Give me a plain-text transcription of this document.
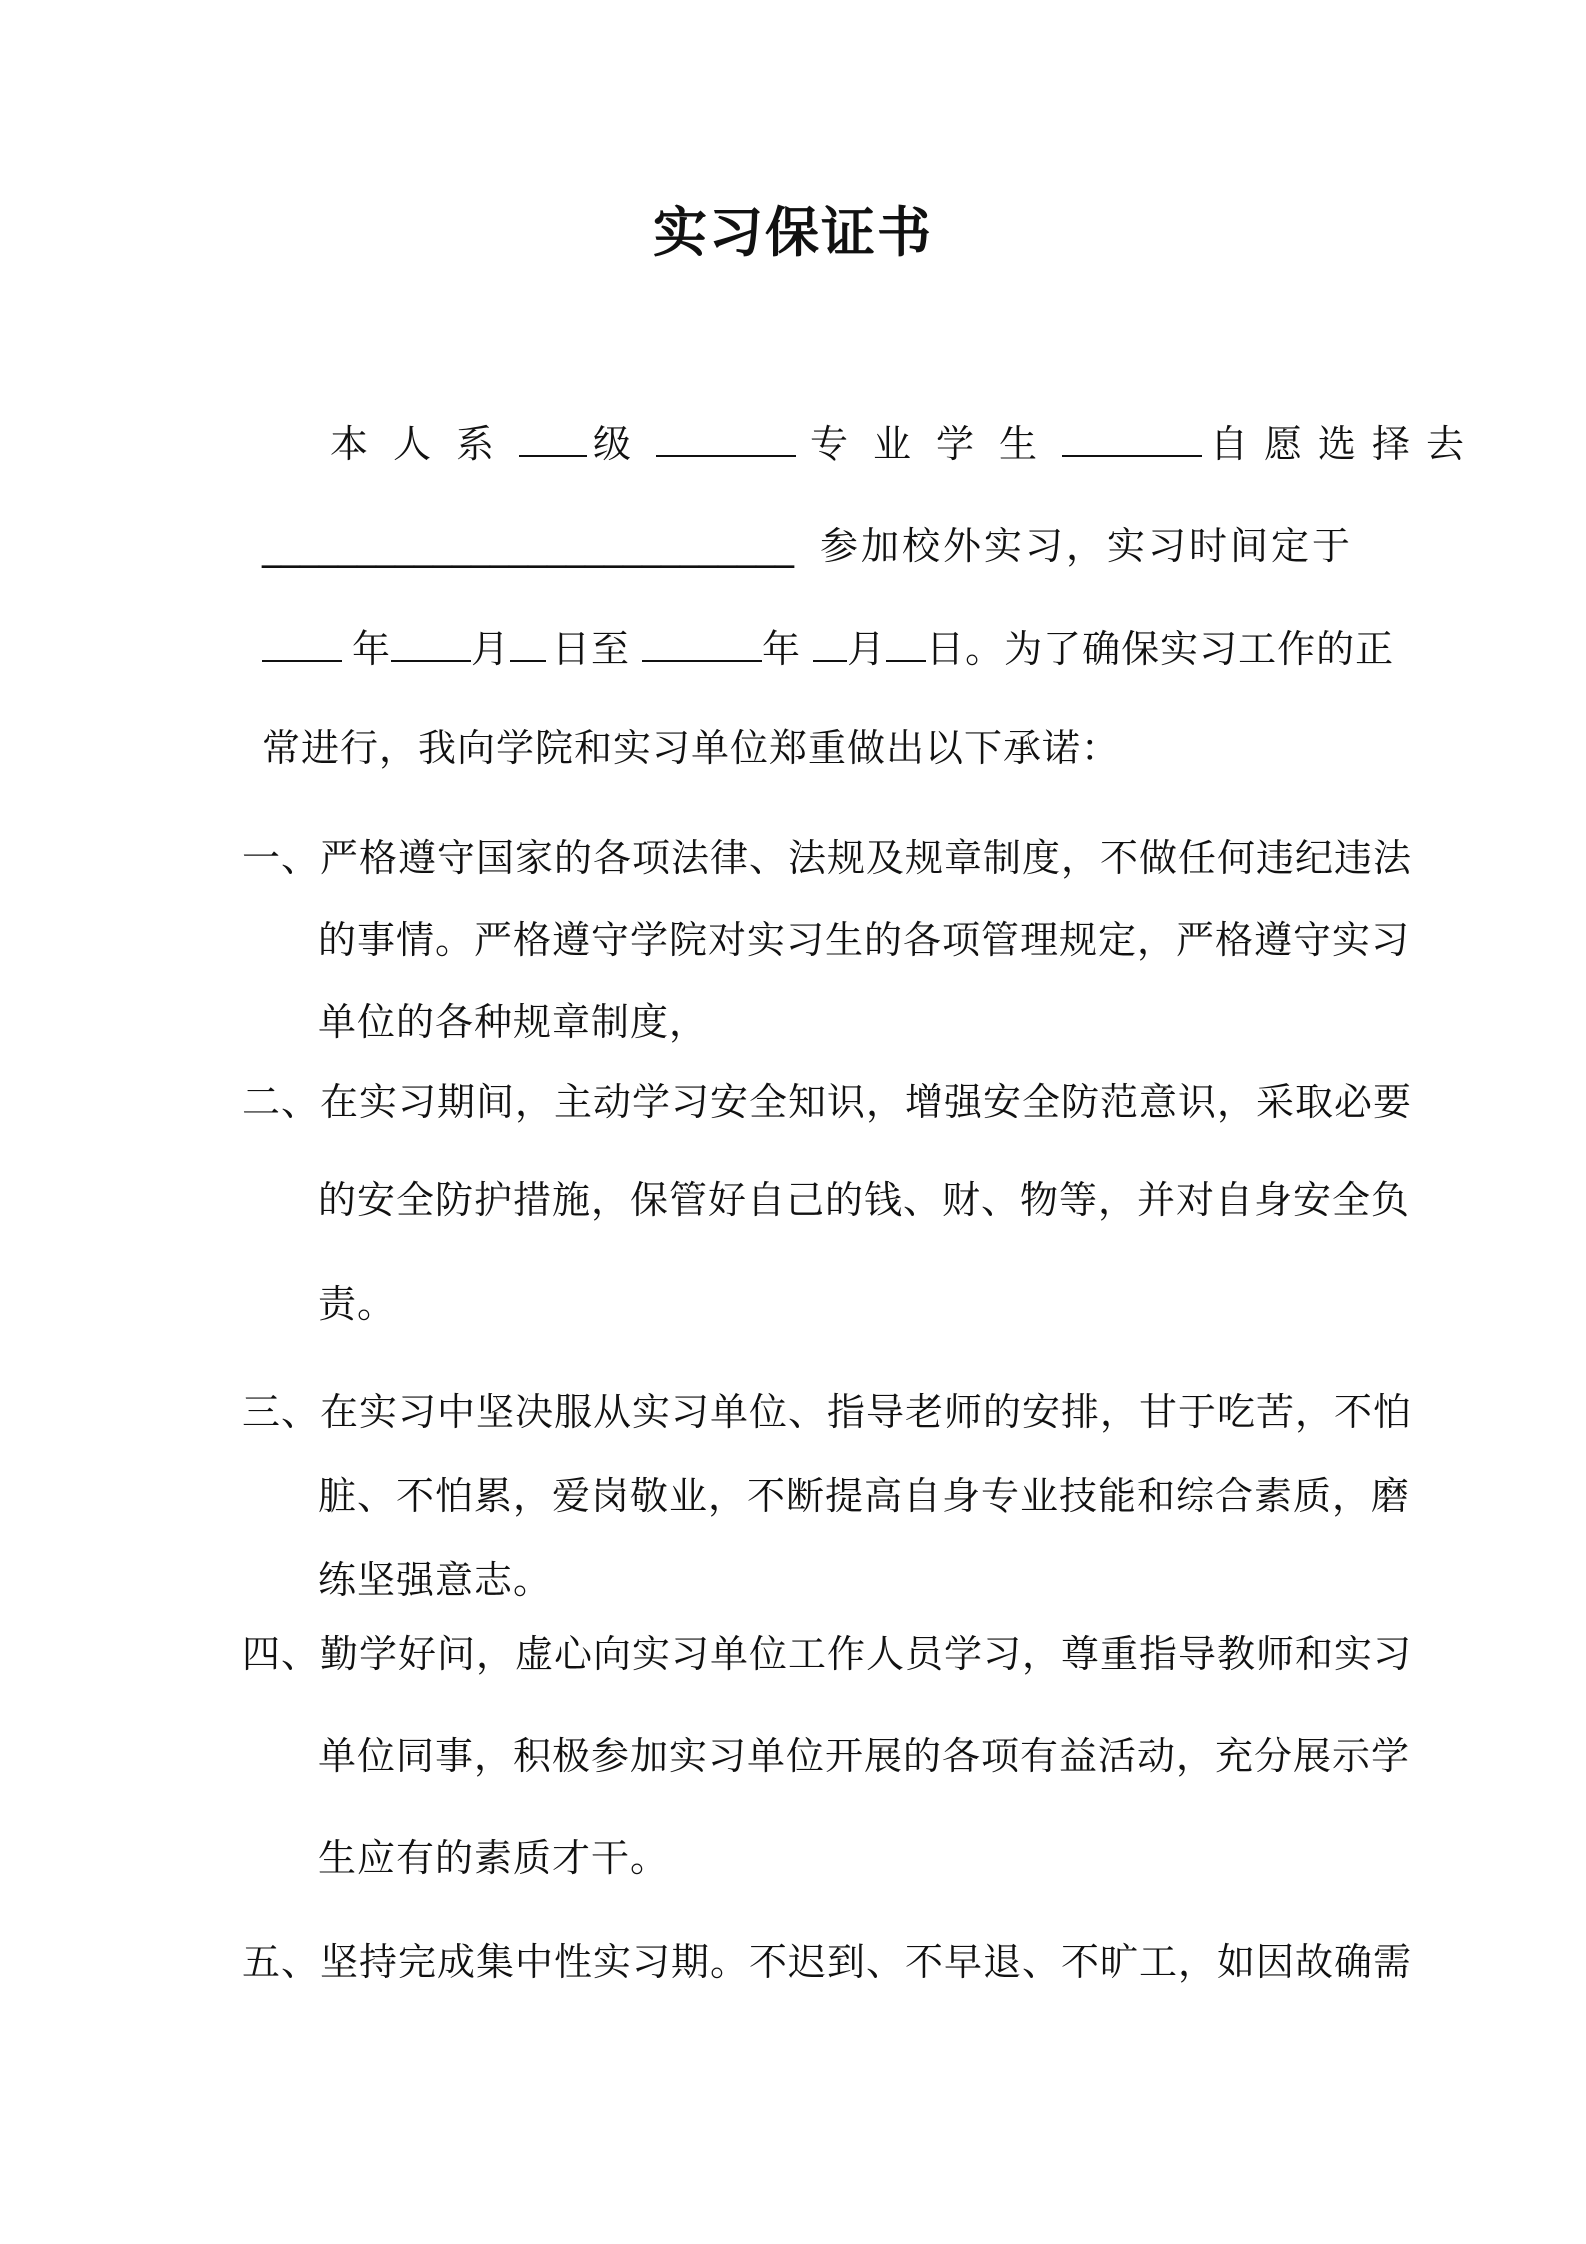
实习保证书
本人系 级	专业学生	自愿选择去
____________________________ 参加校外实习，实习时间定于
年 月 日至	年 月 日。为了确保实习工作的正
常进行，我向学院和实习单位郑重做出以下承诺：
一、严格遵守国家的各项法律、法规及规章制度，不做任何违纪违法
的事情。严格遵守学院对实习生的各项管理规定，严格遵守实习
单位的各种规章制度，
二、在实习期间，主动学习安全知识，增强安全防范意识，采取必要
的安全防护措施，保管好自己的钱、财、物等，并对自身安全负
责。
三、在实习中坚决服从实习单位、指导老师的安排，甘于吃苦，不怕
脏、不怕累，爱岗敬业，不断提高自身专业技能和综合素质，磨
练坚强意志。
四、勤学好问，虚心向实习单位工作人员学习，尊重指导教师和实习
单位同事，积极参加实习单位开展的各项有益活动，充分展示学
生应有的素质才干。
五、坚持完成集中性实习期。不迟到、不早退、不旷工，如因故确需
